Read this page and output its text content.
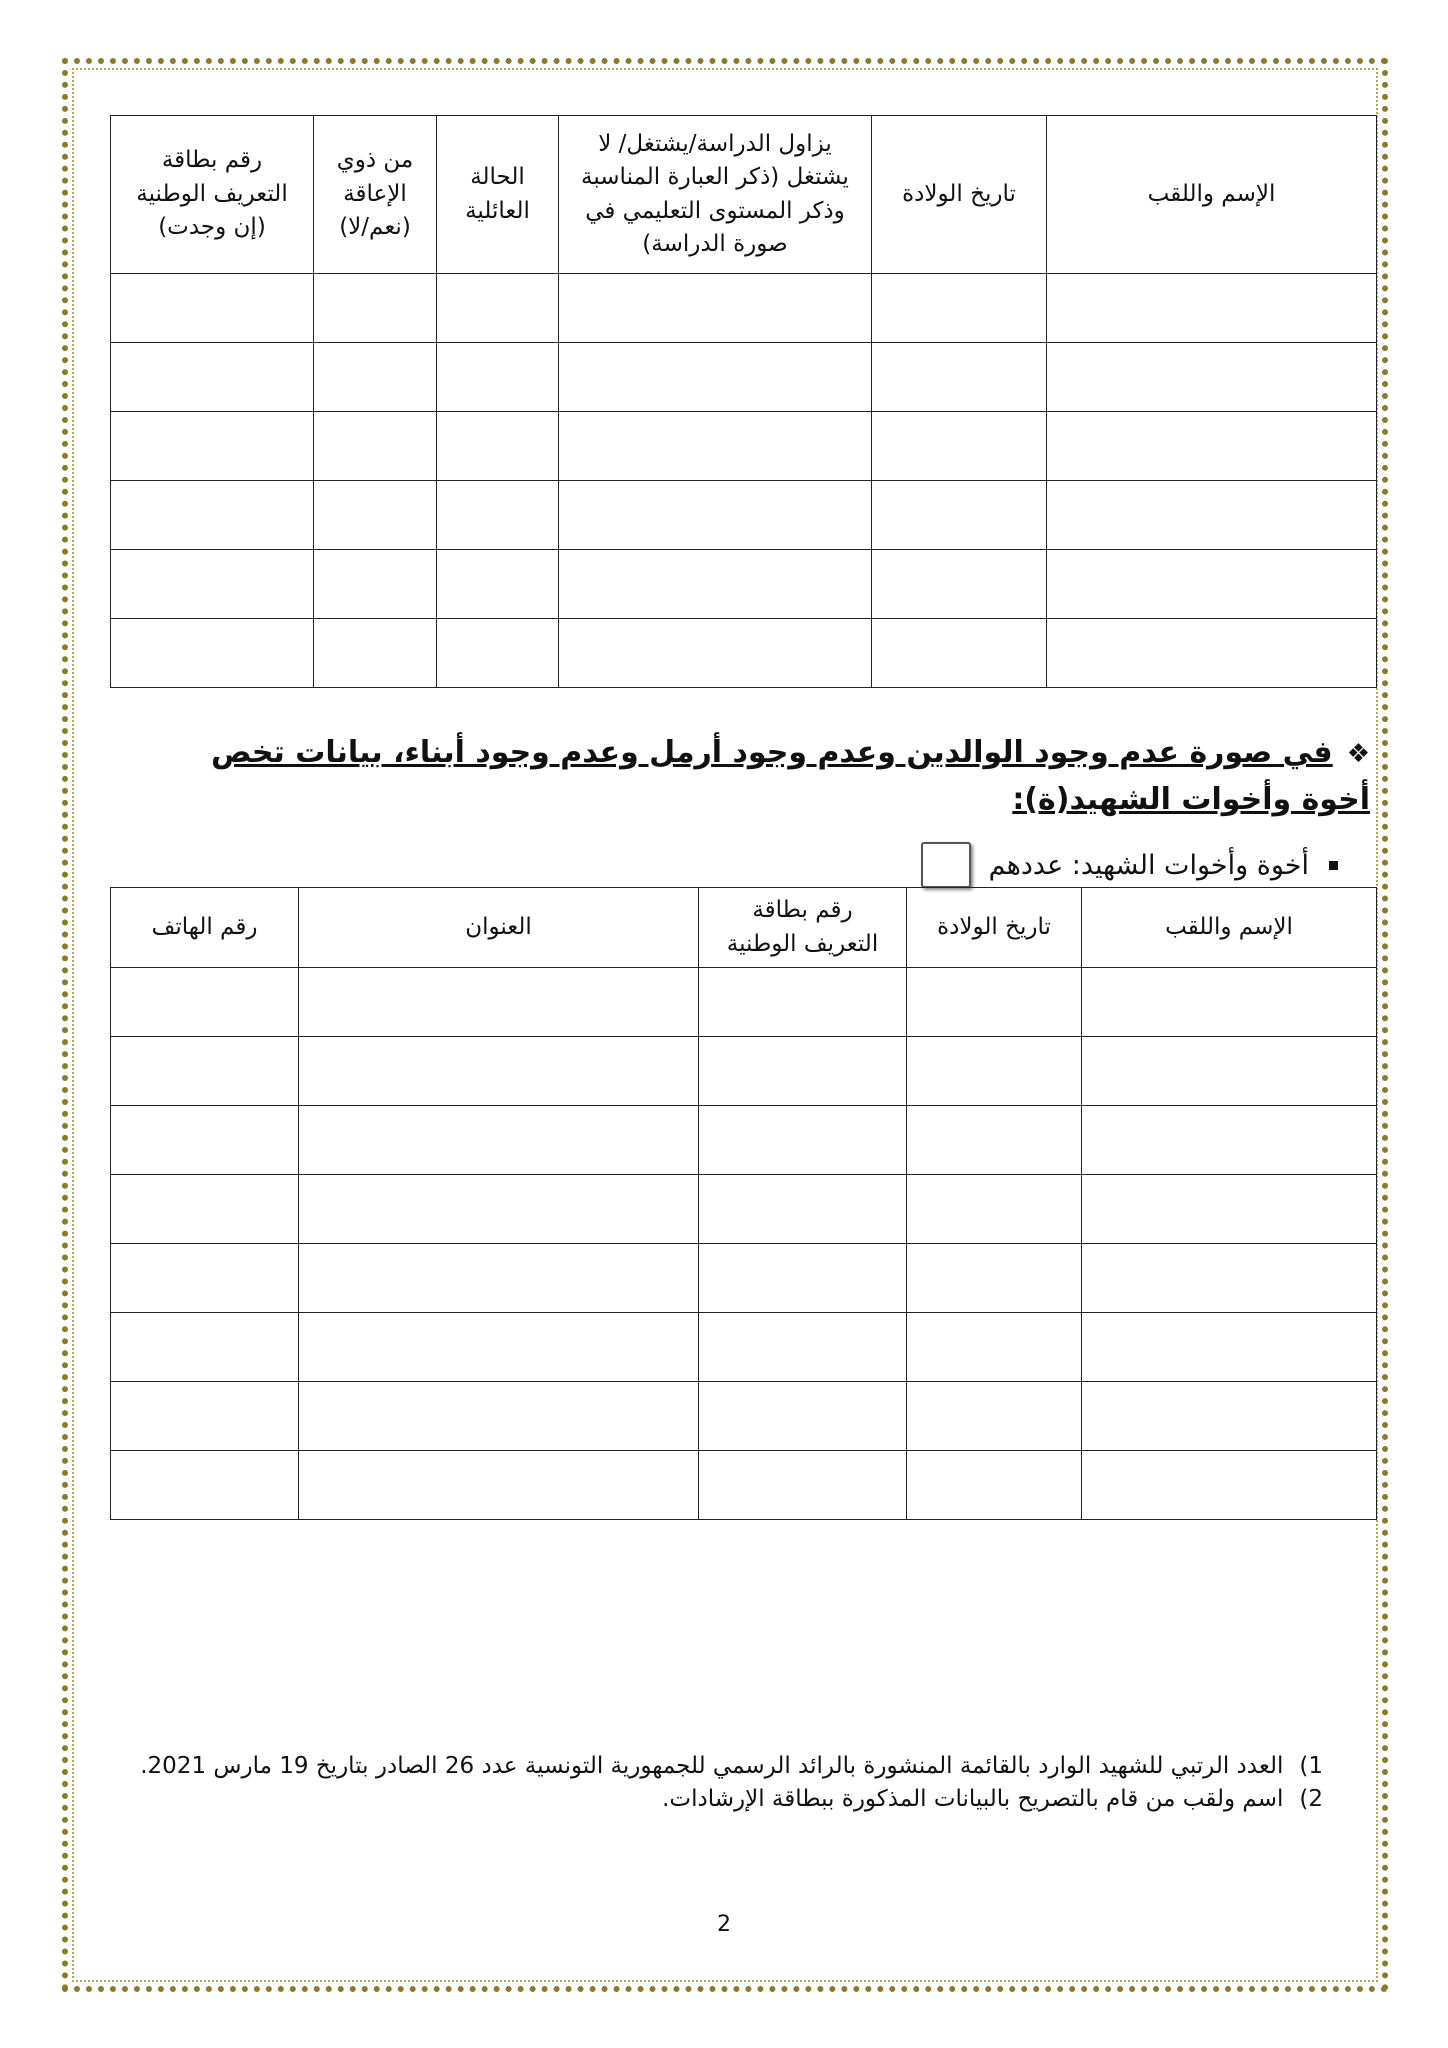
الإسم واللقب	تاريخ الولادة	يزاول الدراسة/يشتغل/ لا يشتغل (ذكر العبارة المناسبة وذكر المستوى التعليمي في صورة الدراسة)	الحالة العائلية	من ذوي الإعاقة (نعم/لا)	رقم بطاقة التعريف الوطنية (إن وجدت)

❖في صورة عدم وجود الوالدين وعدم وجود أرمل وعدم وجود أبناء، بيانات تخص أخوة وأخوات الشهيد(ة):
أخوة وأخوات الشهيد: عددهم
الإسم واللقب	تاريخ الولادة	رقم بطاقة التعريف الوطنية	العنوان	رقم الهاتف

1)
العدد الرتبي للشهيد الوارد بالقائمة المنشورة بالرائد الرسمي للجمهورية التونسية عدد 26 الصادر بتاريخ 19 مارس 2021.
2)
اسم ولقب من قام بالتصريح بالبيانات المذكورة ببطاقة الإرشادات.
2
